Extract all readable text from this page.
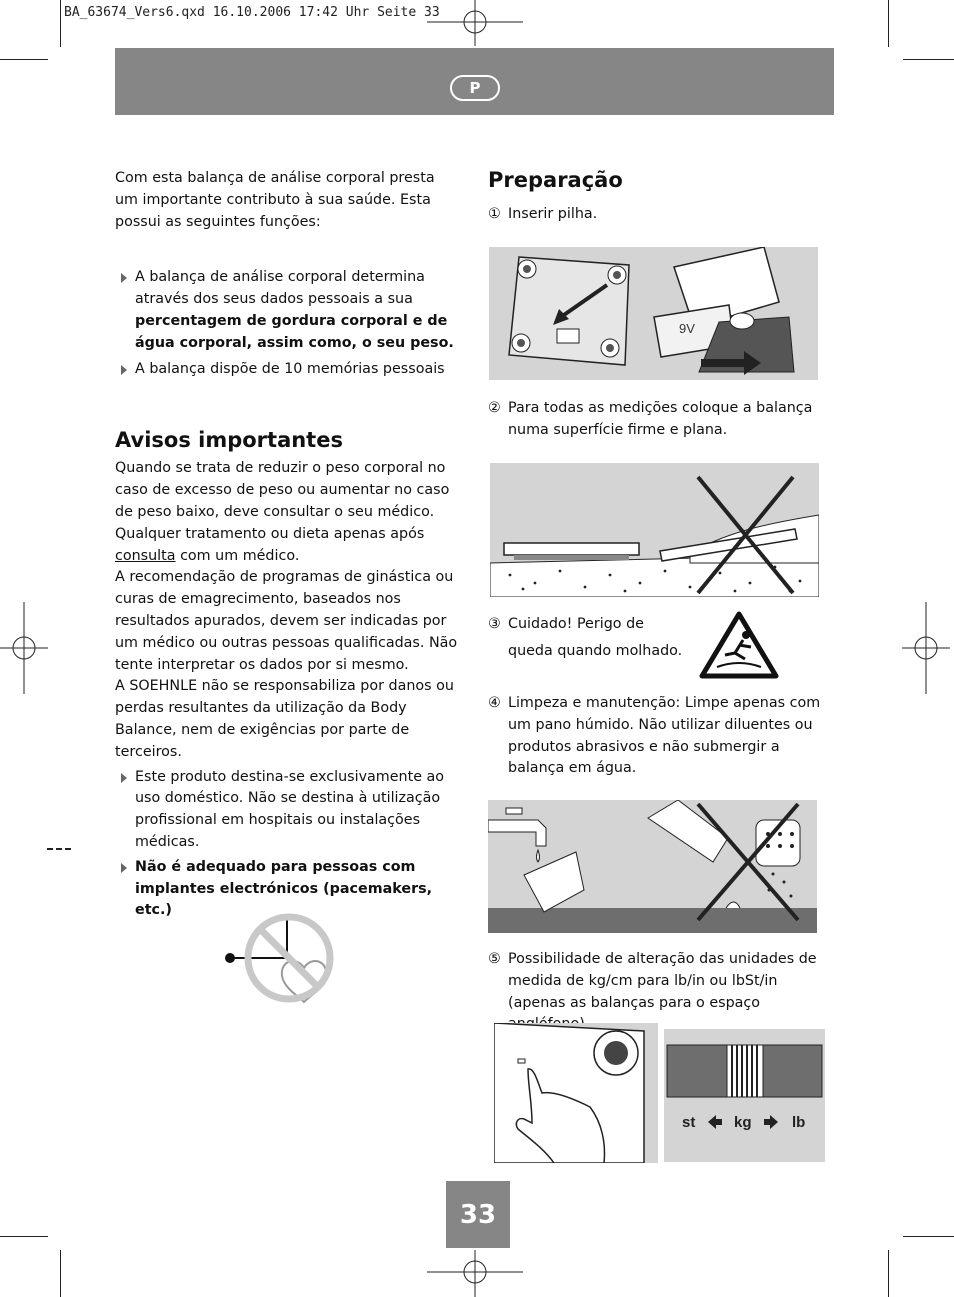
BA_63674_Vers6.qxd 16.10.2006 17:42 Uhr Seite 33
P

Com esta balança de análise corporal presta um importante contributo à sua saúde. Esta possui as seguintes funções:

A balança de análise corporal determina através dos seus dados pessoais a sua percentagem de gordura corporal e de água corporal, assim como, o seu peso.
A balança dispõe de 10 memórias pessoais
Avisos importantes

Quando se trata de reduzir o peso corporal no caso de excesso de peso ou aumentar no caso de peso baixo, deve consultar o seu médico. Qualquer tratamento ou dieta apenas após consulta com um médico.

A recomendação de programas de ginástica ou curas de emagrecimento, baseados nos resultados apurados, devem ser indicadas por um médico ou outras pessoas qualificadas. Não tente interpretar os dados por si mesmo.

A SOEHNLE não se responsabiliza por danos ou perdas resultantes da utilização da Body Balance, nem de exigências por parte de terceiros.

Este produto destina-se exclusivamente ao uso doméstico. Não se destina à utilização profissional em hospitais ou instalações médicas.
Não é adequado para pessoas com implantes electrónicos (pacemakers, etc.)
Preparação
① Inserir pilha.
9V
② Para todas as medições coloque a balança numa superfície firme e plana.
③ Cuidado! Perigo de
queda quando molhado.
④ Limpeza e manutenção: Limpe apenas com um pano húmido. Não utilizar diluentes ou produtos abrasivos e não submergir a balança em água.
⑤ Possibilidade de alteração das unidades de medida de kg/cm para lb/in ou lbSt/in (apenas as balanças para o espaço
st	kg	lb
33
